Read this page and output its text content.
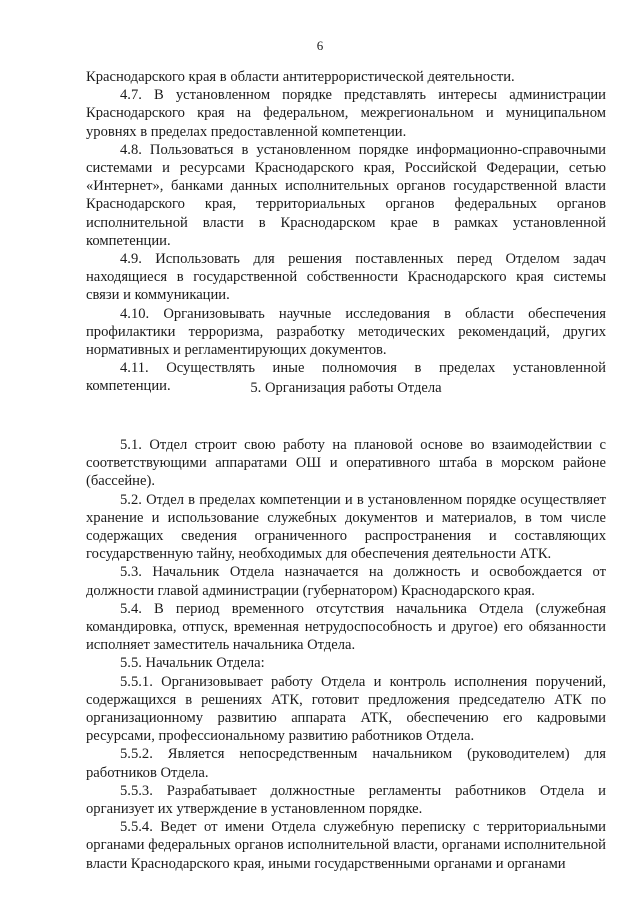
6

Краснодарского края в области антитеррористической деятельности.

4.7. В установленном порядке представлять интересы администрации Краснодарского края на федеральном, межрегиональном и муниципальном уровнях в пределах предоставленной компетенции.

4.8. Пользоваться в установленном порядке информационно-справочными системами и ресурсами Краснодарского края, Российской Федерации, сетью «Интернет», банками данных исполнительных органов государственной власти Краснодарского края, территориальных органов федеральных органов исполнительной власти в Краснодарском крае в рамках установленной компетенции.

4.9. Использовать для решения поставленных перед Отделом задач находящиеся в государственной собственности Краснодарского края системы связи и коммуникации.

4.10. Организовывать научные исследования в области обеспечения профилактики терроризма, разработку методических рекомендаций, других нормативных и регламентирующих документов.

4.11. Осуществлять иные полномочия в пределах установленной компетенции.	5. Организация работы Отдела

5.1. Отдел строит свою работу на плановой основе во взаимодействии с соответствующими аппаратами ОШ и оперативного штаба в морском районе (бассейне).

5.2. Отдел в пределах компетенции и в установленном порядке осуществляет хранение и использование служебных документов и материалов, в том числе содержащих сведения ограниченного распространения и составляющих государственную тайну, необходимых для обеспечения деятельности АТК.

5.3. Начальник Отдела назначается на должность и освобождается от должности главой администрации (губернатором) Краснодарского края.

5.4. В период временного отсутствия начальника Отдела (служебная командировка, отпуск, временная нетрудоспособность и другое) его обязанности исполняет заместитель начальника Отдела.

5.5. Начальник Отдела:

5.5.1. Организовывает работу Отдела и контроль исполнения поручений, содержащихся в решениях АТК, готовит предложения председателю АТК по организационному развитию аппарата АТК, обеспечению его кадровыми ресурсами, профессиональному развитию работников Отдела.

5.5.2. Является непосредственным начальником (руководителем) для работников Отдела.

5.5.3. Разрабатывает должностные регламенты работников Отдела и организует их утверждение в установленном порядке.

5.5.4. Ведет от имени Отдела служебную переписку с территориальными органами федеральных органов исполнительной власти, органами исполнительной власти Краснодарского края, иными государственными органами и органами
